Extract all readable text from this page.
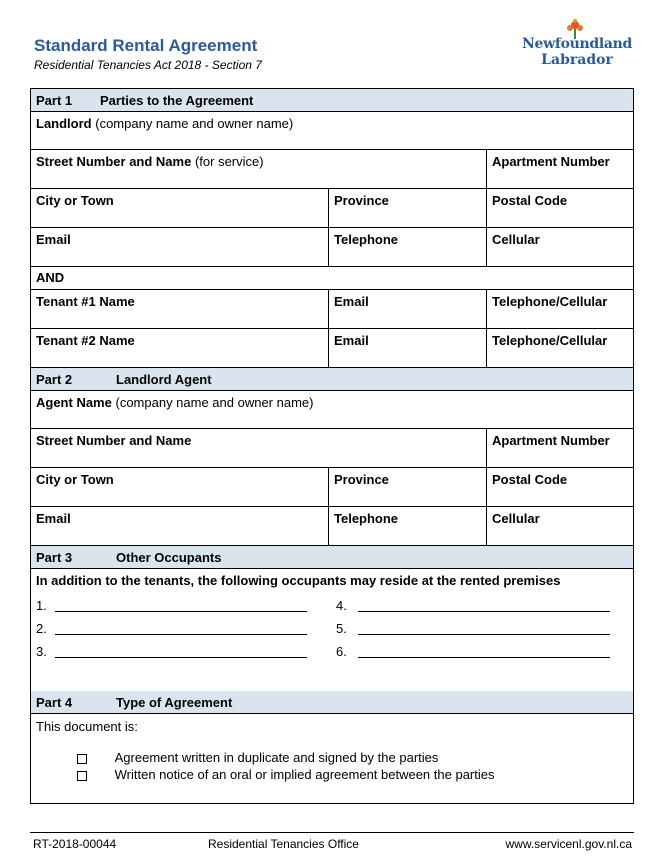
Standard Rental Agreement
Residential Tenancies Act 2018 - Section 7
Newfoundland
Labrador
Part 1	Parties to the Agreement
Landlord (company name and owner name)
Street Number and Name (for service)	Apartment Number
City or Town	Province	Postal Code
Email	Telephone	Cellular
AND
Tenant #1 Name	Email	Telephone/Cellular
Tenant #2 Name	Email	Telephone/Cellular
Part 2	Landlord Agent
Agent Name (company name and owner name)
Street Number and Name	Apartment Number
City or Town	Province	Postal Code
Email	Telephone	Cellular
Part 3	Other Occupants
In addition to the tenants, the following occupants may reside at the rented premises
1.
2.
3.
4.
5.
6.
Part 4	Type of Agreement
This document is:
Agreement written in duplicate and signed by the parties
Written notice of an oral or implied agreement between the parties
RT-2018-00044	Residential Tenancies Office	www.servicenl.gov.nl.ca
